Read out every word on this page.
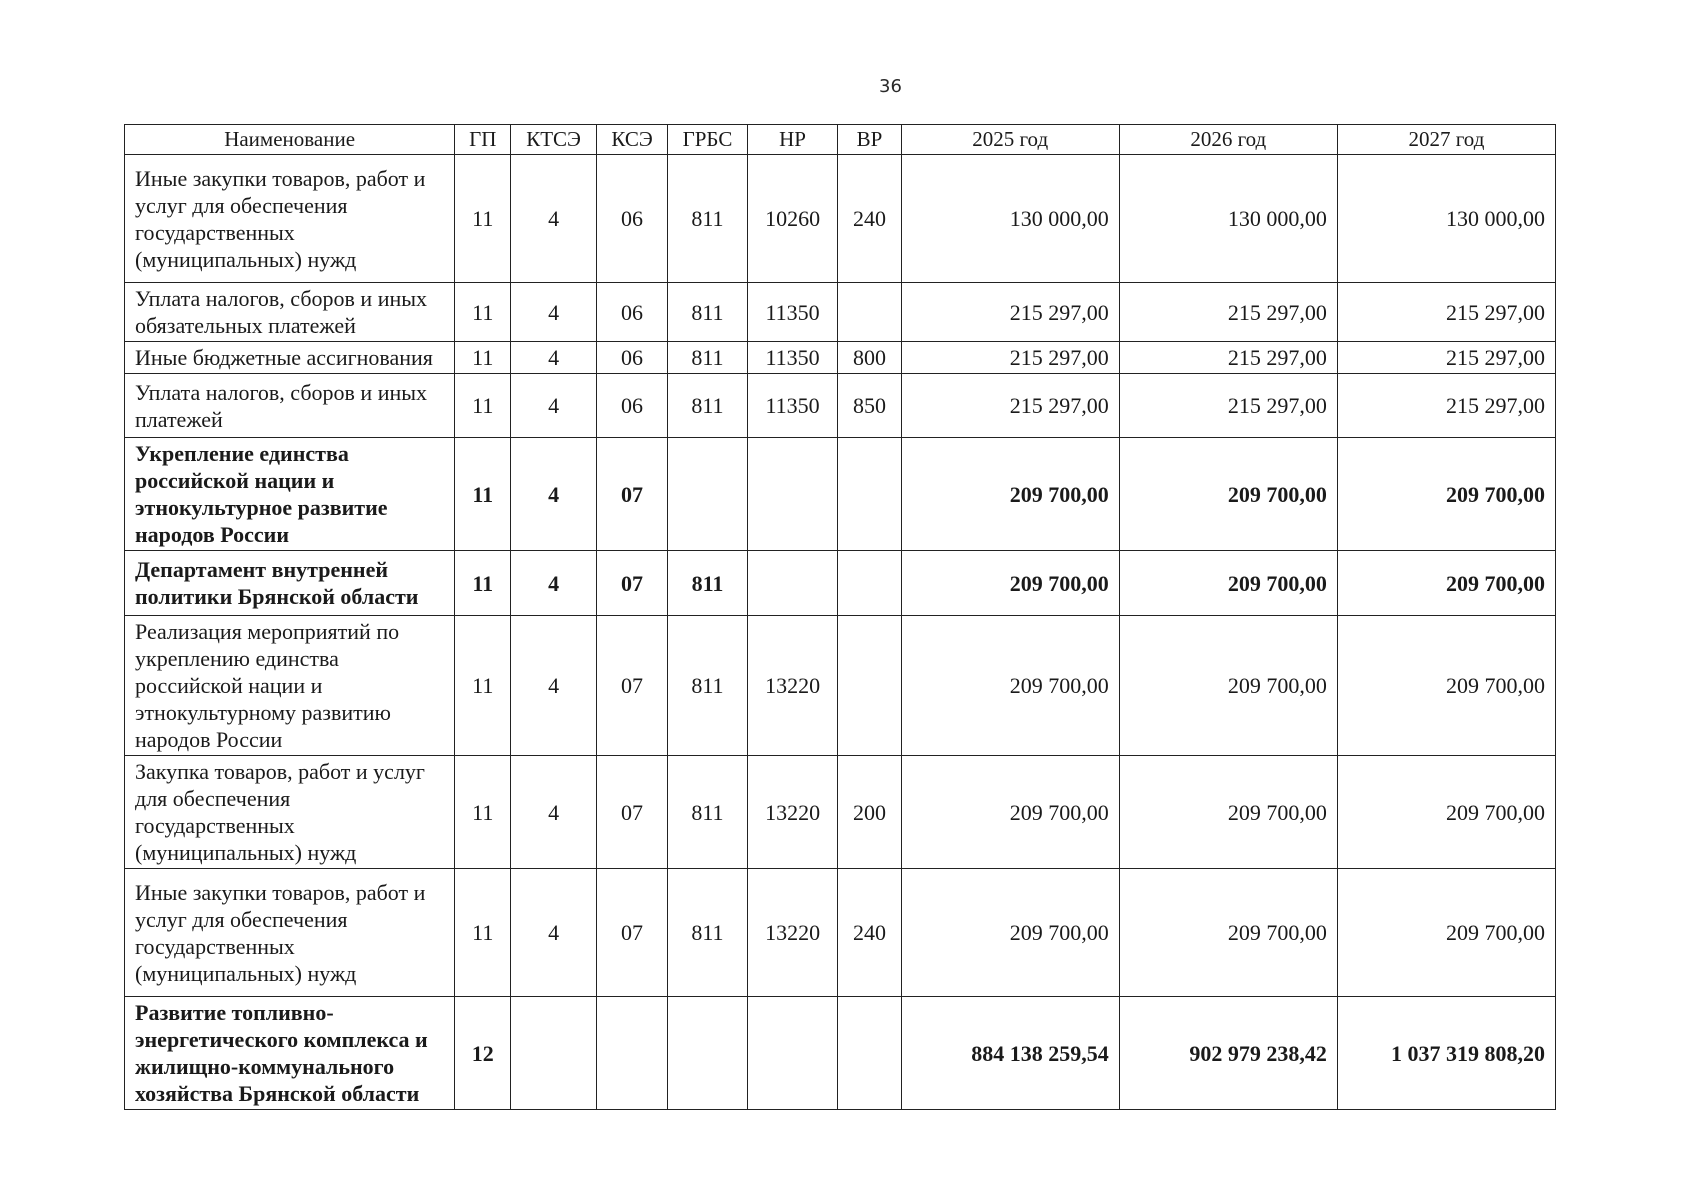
36
Наименование	ГП	КТСЭ	КСЭ	ГРБС	НР	ВР	2025 год	2026 год	2027 год
Иные закупки товаров, работ и услуг для обеспечения государственных (муниципальных) нужд	11	4	06	811	10260	240	130 000,00	130 000,00	130 000,00
Уплата налогов, сборов и иных обязательных платежей	11	4	06	811	11350		215 297,00	215 297,00	215 297,00
Иные бюджетные ассигнования	11	4	06	811	11350	800	215 297,00	215 297,00	215 297,00
Уплата налогов, сборов и иных платежей	11	4	06	811	11350	850	215 297,00	215 297,00	215 297,00
Укрепление единства российской нации и этнокультурное развитие народов России	11	4	07				209 700,00	209 700,00	209 700,00
Департамент внутренней политики Брянской области	11	4	07	811			209 700,00	209 700,00	209 700,00
Реализация мероприятий по укреплению единства российской нации и этнокультурному развитию народов России	11	4	07	811	13220		209 700,00	209 700,00	209 700,00
Закупка товаров, работ и услуг для обеспечения государственных (муниципальных) нужд	11	4	07	811	13220	200	209 700,00	209 700,00	209 700,00
Иные закупки товаров, работ и услуг для обеспечения государственных (муниципальных) нужд	11	4	07	811	13220	240	209 700,00	209 700,00	209 700,00
Развитие топливно-энергетического комплекса и жилищно-коммунального хозяйства Брянской области	12						884 138 259,54	902 979 238,42	1 037 319 808,20
